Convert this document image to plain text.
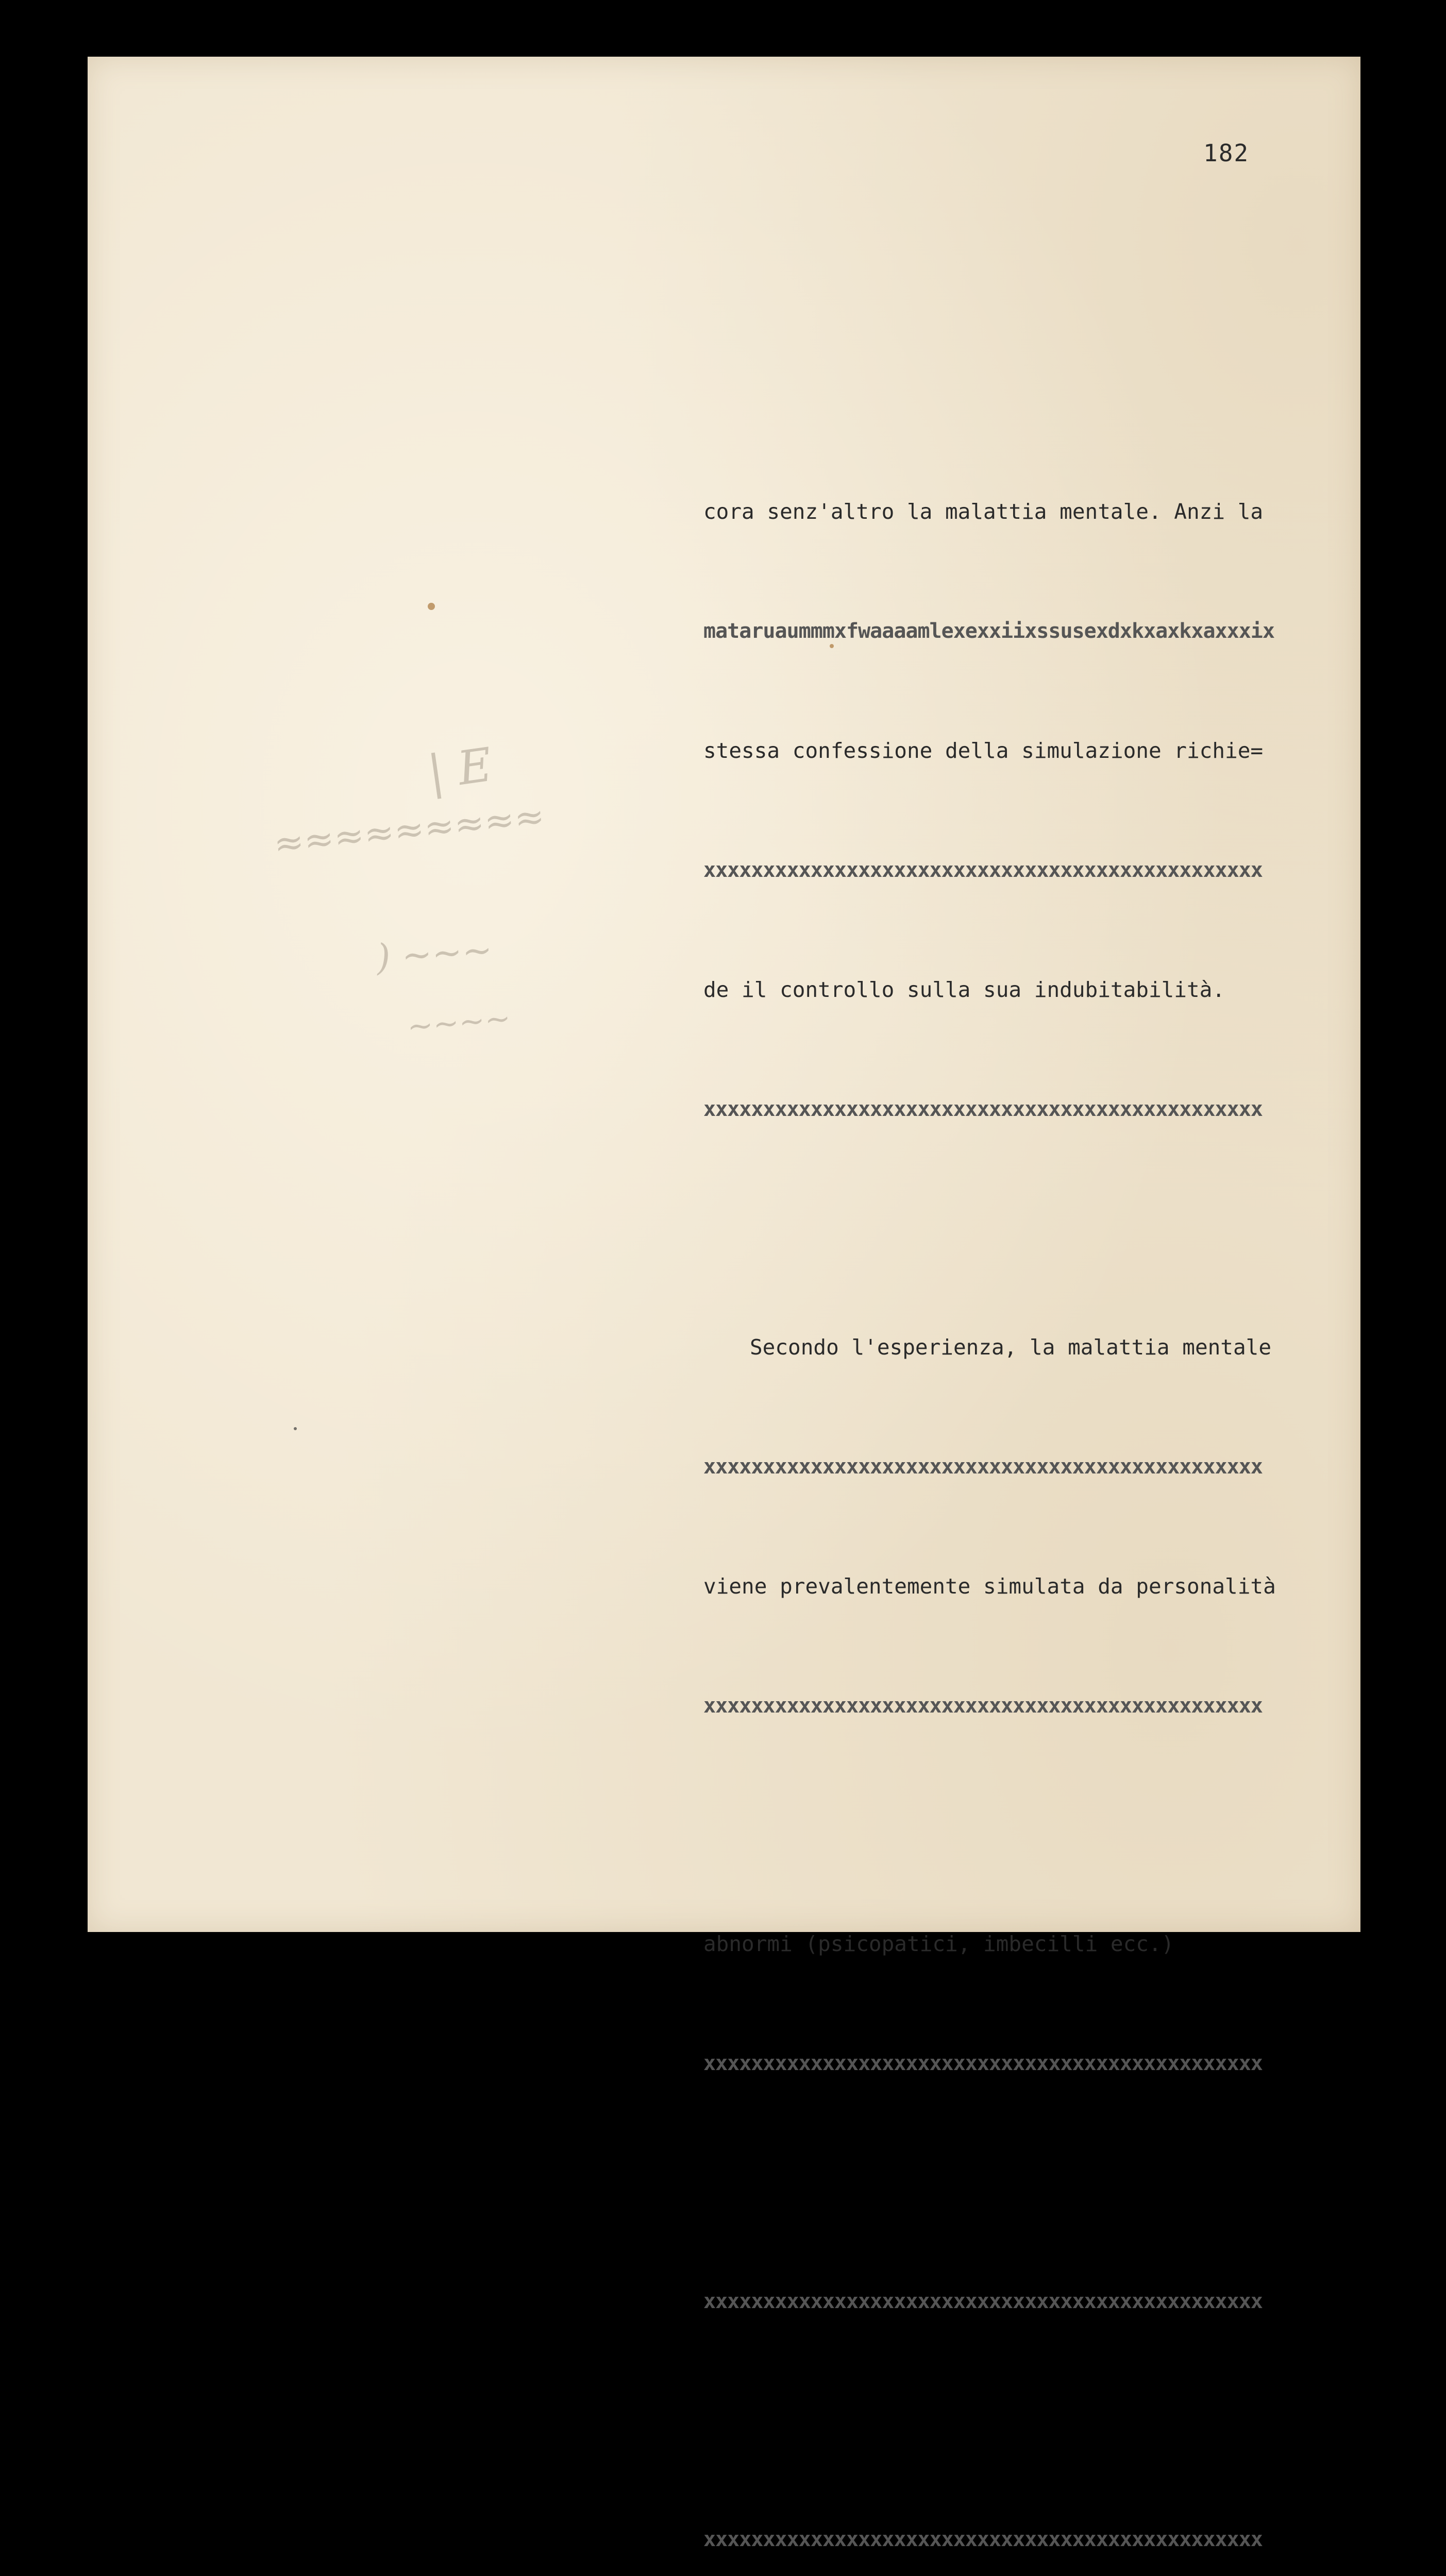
| E
≈≈≈≈≈≈≈≈≈
) ~~~
~~~~
182

cora senz'altro la malattia mentale. Anzi la

mataruaummmxfwaaaamlexexxiixssusexdxkxaxkxaxxxix

stessa confessione della simulazione richie=

xxxxxxxxxxxxxxxxxxxxxxxxxxxxxxxxxxxxxxxxxxxxxxx

de il controllo sulla sua indubitabilità.

xxxxxxxxxxxxxxxxxxxxxxxxxxxxxxxxxxxxxxxxxxxxxxx

Secondo l'esperienza, la malattia mentale

xxxxxxxxxxxxxxxxxxxxxxxxxxxxxxxxxxxxxxxxxxxxxxx

viene prevalentemente simulata da personalità

xxxxxxxxxxxxxxxxxxxxxxxxxxxxxxxxxxxxxxxxxxxxxxx

abnormi (psicopatici, imbecilli ecc.)

xxxxxxxxxxxxxxxxxxxxxxxxxxxxxxxxxxxxxxxxxxxxxxx

xxxxxxxxxxxxxxxxxxxxxxxxxxxxxxxxxxxxxxxxxxxxxxx

xxxxxxxxxxxxxxxxxxxxxxxxxxxxxxxxxxxxxxxxxxxxxxx
